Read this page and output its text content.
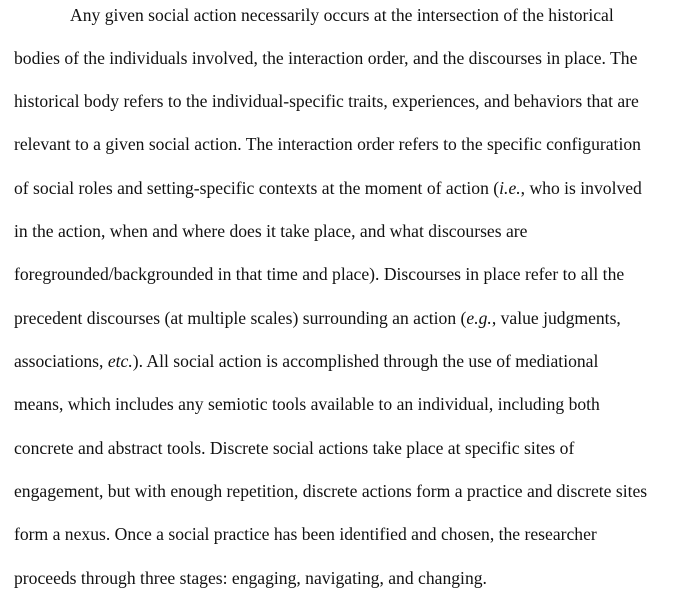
Any given social action necessarily occurs at the intersection of the historical
bodies of the individuals involved, the interaction order, and the discourses in place. The
historical body refers to the individual-specific traits, experiences, and behaviors that are
relevant to a given social action. The interaction order refers to the specific configuration
of social roles and setting-specific contexts at the moment of action (i.e., who is involved
in the action, when and where does it take place, and what discourses are
foregrounded/backgrounded in that time and place). Discourses in place refer to all the
precedent discourses (at multiple scales) surrounding an action (e.g., value judgments,
associations, etc.). All social action is accomplished through the use of mediational
means, which includes any semiotic tools available to an individual, including both
concrete and abstract tools. Discrete social actions take place at specific sites of
engagement, but with enough repetition, discrete actions form a practice and discrete sites
form a nexus. Once a social practice has been identified and chosen, the researcher
proceeds through three stages: engaging, navigating, and changing.
